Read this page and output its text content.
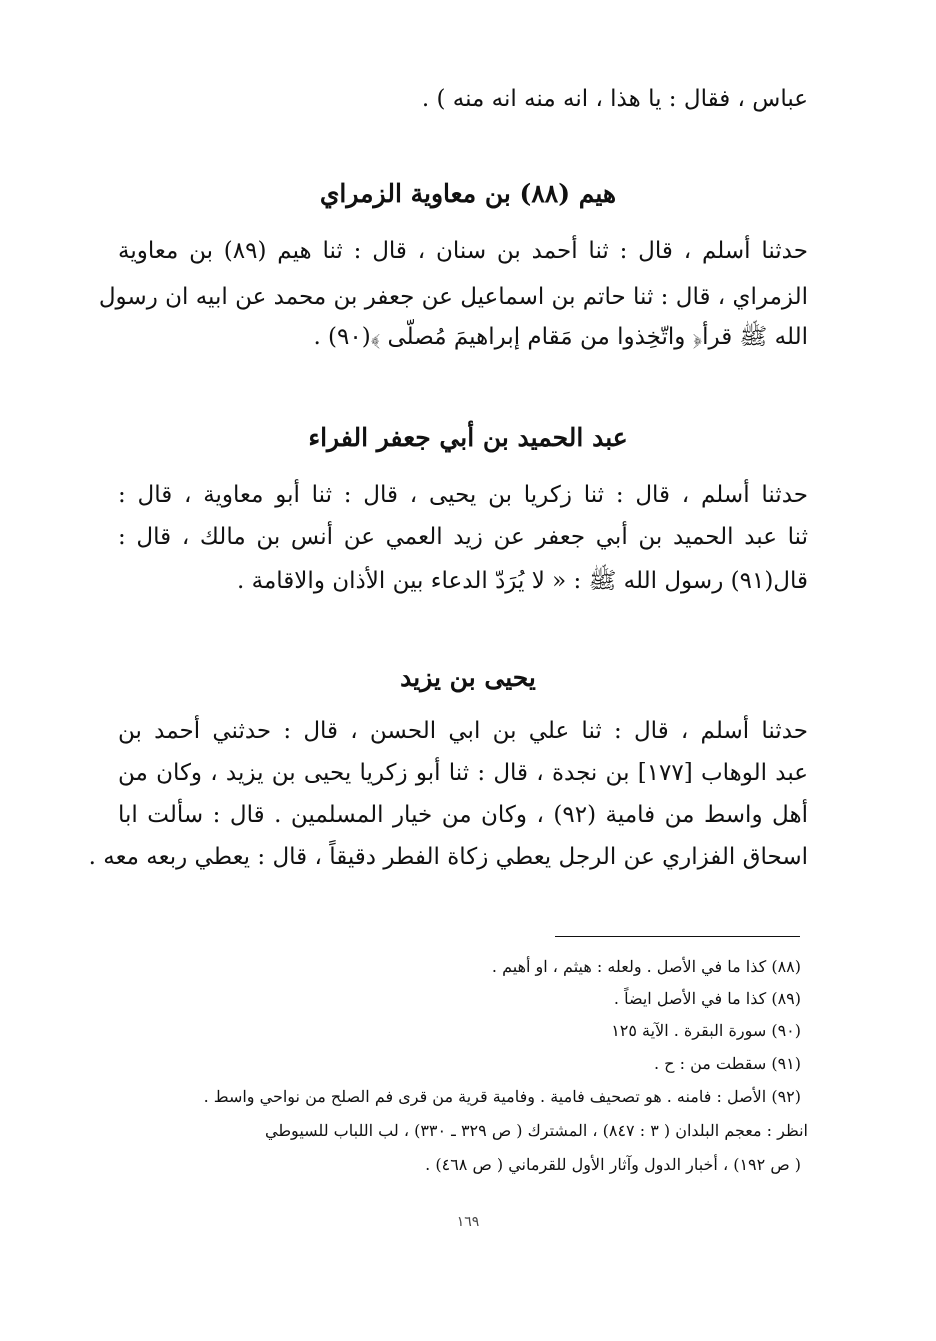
عباس ، فقال : يا هذا ، انه منه انه منه ) .
هيم (٨٨) بن معاوية الزمراي
حدثنا أسلم ، قال : ثنا أحمد بن سنان ، قال : ثنا هيم (٨٩) بن معاوية
الزمراي ، قال : ثنا حاتم بن اسماعيل عن جعفر بن محمد عن ابيه ان رسول
الله ﷺ قرأ﴿ واتّخِذوا من مَقام إبراهيمَ مُصلّى ﴾(٩٠) .
عبد الحميد بن أبي جعفر الفراء
حدثنا أسلم ، قال : ثنا زكريا بن يحيى ، قال : ثنا أبو معاوية ، قال :
ثنا عبد الحميد بن أبي جعفر عن زيد العمي عن أنس بن مالك ، قال :
قال(٩١) رسول الله ﷺ : « لا يُرَدّ الدعاء بين الأذان والاقامة .
يحيى بن يزيد
حدثنا أسلم ، قال : ثنا علي بن ابي الحسن ، قال : حدثني أحمد بن
عبد الوهاب [١٧٧] بن نجدة ، قال : ثنا أبو زكريا يحيى بن يزيد ، وكان من
أهل واسط من فامية (٩٢) ، وكان من خيار المسلمين . قال : سألت ابا
اسحاق الفزاري عن الرجل يعطي زكاة الفطر دقيقاً ، قال : يعطي ربعه معه .
(٨٨) كذا ما في الأصل . ولعله : هيثم ، او أهيم .
(٨٩) كذا ما في الأصل ايضاً .
(٩٠) سورة البقرة . الآية ١٢٥
(٩١) سقطت من : ح .
(٩٢) الأصل : فامنه . هو تصحيف فامية . وفامية قرية من قرى فم الصلح من نواحي واسط .
انظر : معجم البلدان ( ٣ : ٨٤٧) ، المشترك ( ص ٣٢٩ ـ ٣٣٠) ، لب اللباب للسيوطي
( ص ١٩٢) ، أخبار الدول وآثار الأول للقرماني ( ص ٤٦٨) .
١٦٩
